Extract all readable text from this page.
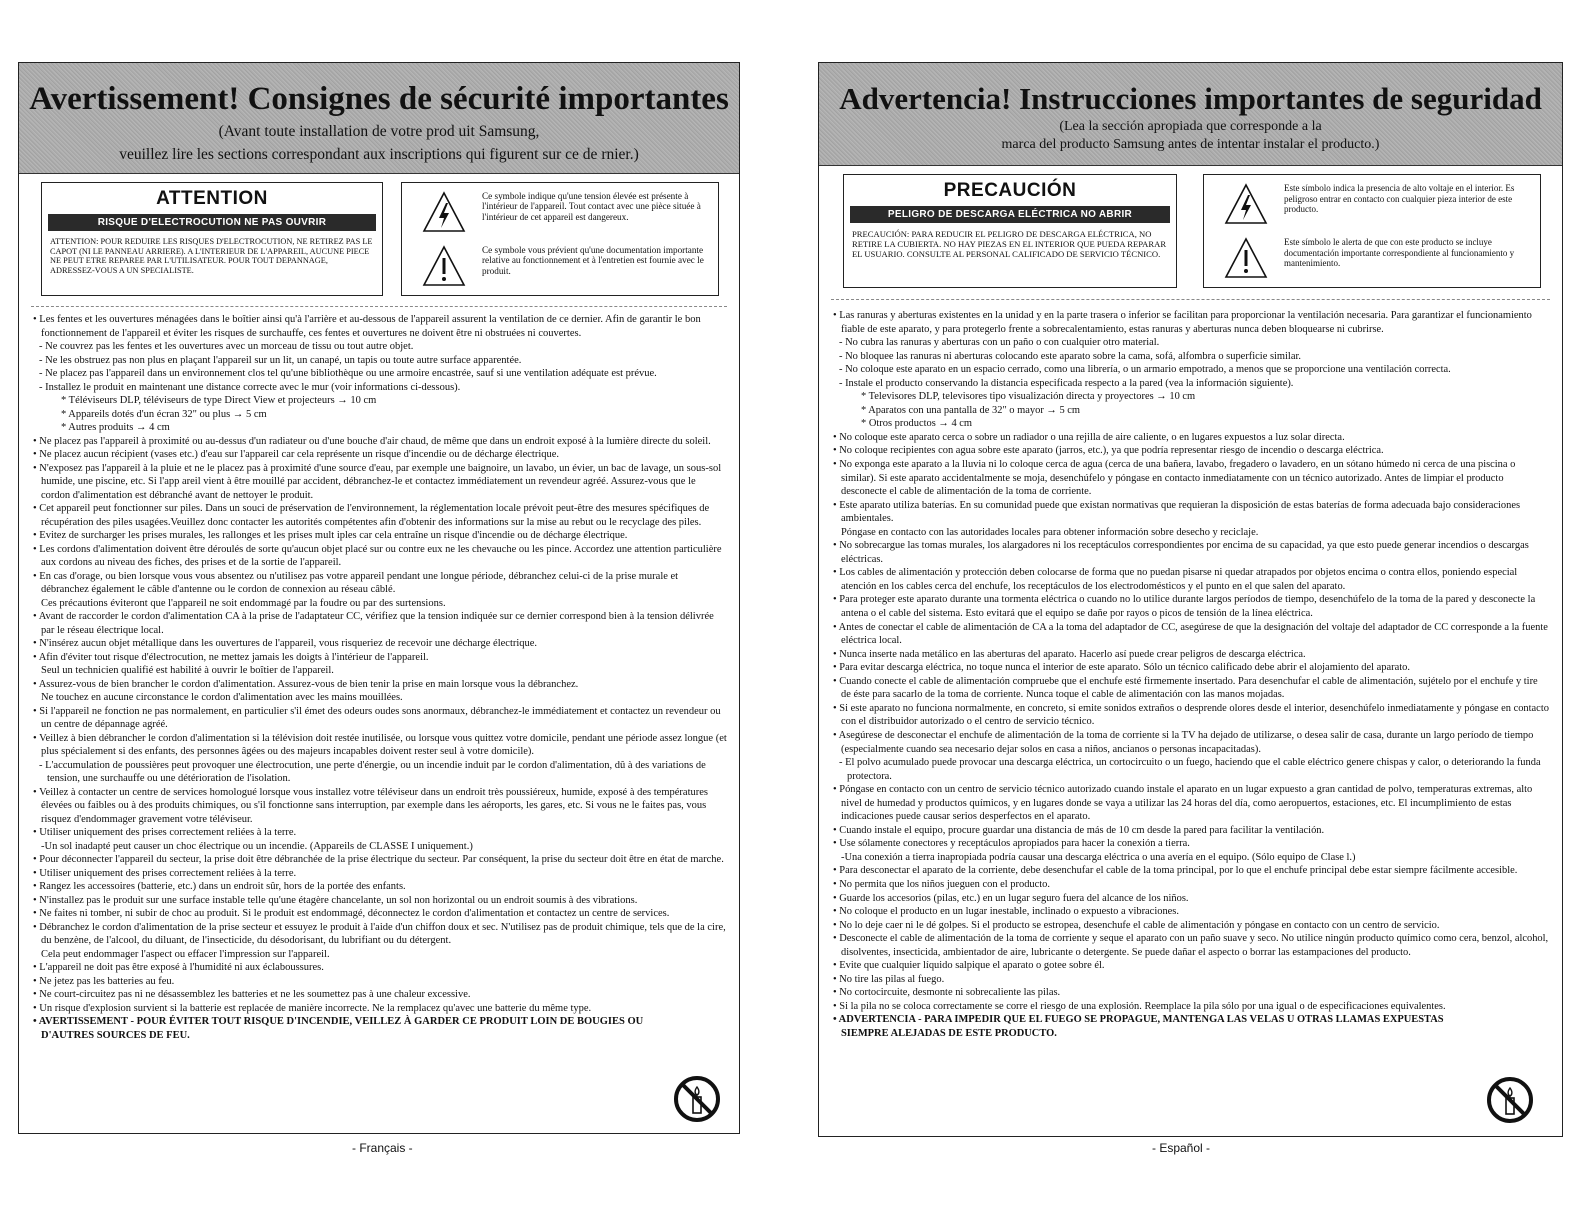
Avertissement! Consignes de sécurité importantes
(Avant toute installation de votre prod uit Samsung,
veuillez lire les sections correspondant aux inscriptions qui figurent sur ce de rnier.)
ATTENTION
RISQUE D'ELECTROCUTION NE PAS OUVRIR
ATTENTION: POUR REDUIRE LES RISQUES D'ELECTROCUTION, NE RETIREZ PAS LE CAPOT (NI LE PANNEAU ARRIERE). A L'INTERIEUR DE L'APPAREIL, AUCUNE PIECE NE PEUT ETRE REPAREE PAR L'UTILISATEUR. POUR TOUT DEPANNAGE, ADRESSEZ-VOUS A UN SPECIALISTE.
Ce symbole indique qu'une tension élevée est présente à l'intérieur de l'appareil. Tout contact avec une pièce située à l'intérieur de cet appareil est dangereux.
Ce symbole vous prévient qu'une documentation importante relative au fonctionnement et à l'entretien est fournie avec le produit.

• Les fentes et les ouvertures ménagées dans le boîtier ainsi qu'à l'arrière et au-dessous de l'appareil assurent la ventilation de ce dernier. Afin de garantir le bon fonctionnement de l'appareil et éviter les risques de surchauffe, ces fentes et ouvertures ne doivent être ni obstruées ni couvertes.

- Ne couvrez pas les fentes et les ouvertures avec un morceau de tissu ou tout autre objet.

- Ne les obstruez pas non plus en plaçant l'appareil sur un lit, un canapé, un tapis ou toute autre surface apparentée.

- Ne placez pas l'appareil dans un environnement clos tel qu'une bibliothèque ou une armoire encastrée, sauf si une ventilation adéquate est prévue.

- Installez le produit en maintenant une distance correcte avec le mur (voir informations ci-dessous).

* Téléviseurs DLP, téléviseurs de type Direct View et projecteurs → 10 cm

* Appareils dotés d'un écran 32" ou plus → 5 cm

* Autres produits → 4 cm

• Ne placez pas l'appareil à proximité ou au-dessus d'un radiateur ou d'une bouche d'air chaud, de même que dans un endroit exposé à la lumière directe du soleil.

• Ne placez aucun récipient (vases etc.) d'eau sur l'appareil car cela représente un risque d'incendie ou de décharge électrique.

• N'exposez pas l'appareil à la pluie et ne le placez pas à proximité d'une source d'eau, par exemple une baignoire, un lavabo, un évier, un bac de lavage, un sous-sol humide, une piscine, etc. Si l'app areil vient à être mouillé par accident, débranchez-le et contactez immédiatement un revendeur agréé. Assurez-vous que le cordon d'alimentation est débranché avant de nettoyer le produit.

• Cet appareil peut fonctionner sur piles. Dans un souci de préservation de l'environnement, la réglementation locale prévoit peut-être des mesures spécifiques de récupération des piles usagées.Veuillez donc contacter les autorités compétentes afin d'obtenir des informations sur la mise au rebut ou le recyclage des piles.

• Evitez de surcharger les prises murales, les rallonges et les prises mult iples car cela entraîne un risque d'incendie ou de décharge électrique.

• Les cordons d'alimentation doivent être déroulés de sorte qu'aucun objet placé sur ou contre eux ne les chevauche ou les pince. Accordez une attention particulière aux cordons au niveau des fiches, des prises et de la sortie de l'appareil.

• En cas d'orage, ou bien lorsque vous vous absentez ou n'utilisez pas votre appareil pendant une longue période, débranchez celui-ci de la prise murale et débranchez également le câble d'antenne ou le cordon de connexion au réseau câblé.

Ces précautions éviteront que l'appareil ne soit endommagé par la foudre ou par des surtensions.

• Avant de raccorder le cordon d'alimentation CA à la prise de l'adaptateur CC, vérifiez que la tension indiquée sur ce dernier correspond bien à la tension délivrée par le réseau électrique local.

• N'insérez aucun objet métallique dans les ouvertures de l'appareil, vous risqueriez de recevoir une décharge électrique.

• Afin d'éviter tout risque d'électrocution, ne mettez jamais les doigts à l'intérieur de l'appareil.

Seul un technicien qualifié est habilité à ouvrir le boîtier de l'appareil.

• Assurez-vous de bien brancher le cordon d'alimentation. Assurez-vous de bien tenir la prise en main lorsque vous la débranchez.

Ne touchez en aucune circonstance le cordon d'alimentation avec les mains mouillées.

• Si l'appareil ne fonction ne pas normalement, en particulier s'il émet des odeurs oudes sons anormaux, débranchez-le immédiatement et contactez un revendeur ou un centre de dépannage agréé.

• Veillez à bien débrancher le cordon d'alimentation si la télévision doit restée inutilisée, ou lorsque vous quittez votre domicile, pendant une période assez longue (et plus spécialement si des enfants, des personnes âgées ou des majeurs incapables doivent rester seul à votre domicile).

- L'accumulation de poussières peut provoquer une électrocution, une perte d'énergie, ou un incendie induit par le cordon d'alimentation, dû à des variations de tension, une surchauffe ou une détérioration de l'isolation.

• Veillez à contacter un centre de services homologué lorsque vous installez votre téléviseur dans un endroit très poussiéreux, humide, exposé à des températures élevées ou faibles ou à des produits chimiques, ou s'il fonctionne sans interruption, par exemple dans les aéroports, les gares, etc. Si vous ne le faites pas, vous risquez d'endommager gravement votre téléviseur.

• Utiliser uniquement des prises correctement reliées à la terre.

-Un sol inadapté peut causer un choc électrique ou un incendie. (Appareils de CLASSE I uniquement.)

• Pour déconnecter l'appareil du secteur, la prise doit être débranchée de la prise électrique du secteur. Par conséquent, la prise du secteur doit être en état de marche.

• Utiliser uniquement des prises correctement reliées à la terre.

• Rangez les accessoires (batterie, etc.) dans un endroit sûr, hors de la portée des enfants.

• N'installez pas le produit sur une surface instable telle qu'une étagère chancelante, un sol non horizontal ou un endroit soumis à des vibrations.

• Ne faites ni tomber, ni subir de choc au produit. Si le produit est endommagé, déconnectez le cordon d'alimentation et contactez un centre de services.

• Débranchez le cordon d'alimentation de la prise secteur et essuyez le produit à l'aide d'un chiffon doux et sec. N'utilisez pas de produit chimique, tels que de la cire, du benzène, de l'alcool, du diluant, de l'insecticide, du désodorisant, du lubrifiant ou du détergent.

Cela peut endommager l'aspect ou effacer l'impression sur l'appareil.

• L'appareil ne doit pas être exposé à l'humidité ni aux éclaboussures.

• Ne jetez pas les batteries au feu.

• Ne court-circuitez pas ni ne désassemblez les batteries et ne les soumettez pas à une chaleur excessive.

• Un risque d'explosion survient si la batterie est replacée de manière incorrecte. Ne la remplacez qu'avec une batterie du même type.

• AVERTISSEMENT - POUR ÉVITER TOUT RISQUE D'INCENDIE, VEILLEZ À GARDER CE PRODUIT LOIN DE BOUGIES OU D'AUTRES SOURCES DE FEU.

- Français -
Advertencia! Instrucciones importantes de seguridad
(Lea la sección apropiada que corresponde a la
marca del producto Samsung antes de intentar instalar el producto.)
PRECAUCIÓN
PELIGRO DE DESCARGA ELÉCTRICA NO ABRIR
PRECAUCIÓN: PARA REDUCIR EL PELIGRO DE DESCARGA ELÉCTRICA, NO RETIRE LA CUBIERTA. NO HAY PIEZAS EN EL INTERIOR QUE PUEDA REPARAR EL USUARIO. CONSULTE AL PERSONAL CALIFICADO DE SERVICIO TÉCNICO.
Este símbolo indica la presencia de alto voltaje en el interior. Es peligroso entrar en contacto con cualquier pieza interior de este producto.
Este símbolo le alerta de que con este producto se incluye documentación importante correspondiente al funcionamiento y mantenimiento.

• Las ranuras y aberturas existentes en la unidad y en la parte trasera o inferior se facilitan para proporcionar la ventilación necesaria. Para garantizar el funcionamiento fiable de este aparato, y para protegerlo frente a sobrecalentamiento, estas ranuras y aberturas nunca deben bloquearse ni cubrirse.

- No cubra las ranuras y aberturas con un paño o con cualquier otro material.

- No bloquee las ranuras ni aberturas colocando este aparato sobre la cama, sofá, alfombra o superficie similar.

- No coloque este aparato en un espacio cerrado, como una librería, o un armario empotrado, a menos que se proporcione una ventilación correcta.

- Instale el producto conservando la distancia especificada respecto a la pared (vea la información siguiente).

* Televisores DLP, televisores tipo visualización directa y proyectores → 10 cm

* Aparatos con una pantalla de 32" o mayor → 5 cm

* Otros productos → 4 cm

• No coloque este aparato cerca o sobre un radiador o una rejilla de aire caliente, o en lugares expuestos a luz solar directa.

• No coloque recipientes con agua sobre este aparato (jarros, etc.), ya que podría representar riesgo de incendio o descarga eléctrica.

• No exponga este aparato a la lluvia ni lo coloque cerca de agua (cerca de una bañera, lavabo, fregadero o lavadero, en un sótano húmedo ni cerca de una piscina o similar). Si este aparato accidentalmente se moja, desenchúfelo y póngase en contacto inmediatamente con un técnico autorizado. Antes de limpiar el producto desconecte el cable de alimentación de la toma de corriente.

• Este aparato utiliza baterías. En su comunidad puede que existan normativas que requieran la disposición de estas baterías de forma adecuada bajo consideraciones ambientales.

Póngase en contacto con las autoridades locales para obtener información sobre desecho y reciclaje.

• No sobrecargue las tomas murales, los alargadores ni los receptáculos correspondientes por encima de su capacidad, ya que esto puede generar incendios o descargas eléctricas.

• Los cables de alimentación y protección deben colocarse de forma que no puedan pisarse ni quedar atrapados por objetos encima o contra ellos, poniendo especial atención en los cables cerca del enchufe, los receptáculos de los electrodomésticos y el punto en el que salen del aparato.

• Para proteger este aparato durante una tormenta eléctrica o cuando no lo utilice durante largos períodos de tiempo, desenchúfelo de la toma de la pared y desconecte la antena o el cable del sistema. Esto evitará que el equipo se dañe por rayos o picos de tensión de la línea eléctrica.

• Antes de conectar el cable de alimentación de CA a la toma del adaptador de CC, asegúrese de que la designación del voltaje del adaptador de CC corresponde a la fuente eléctrica local.

• Nunca inserte nada metálico en las aberturas del aparato. Hacerlo así puede crear peligros de descarga eléctrica.

• Para evitar descarga eléctrica, no toque nunca el interior de este aparato. Sólo un técnico calificado debe abrir el alojamiento del aparato.

• Cuando conecte el cable de alimentación compruebe que el enchufe esté firmemente insertado. Para desenchufar el cable de alimentación, sujételo por el enchufe y tire de éste para sacarlo de la toma de corriente. Nunca toque el cable de alimentación con las manos mojadas.

• Si este aparato no funciona normalmente, en concreto, si emite sonidos extraños o desprende olores desde el interior, desenchúfelo inmediatamente y póngase en contacto con el distribuidor autorizado o el centro de servicio técnico.

• Asegúrese de desconectar el enchufe de alimentación de la toma de corriente si la TV ha dejado de utilizarse, o desea salir de casa, durante un largo período de tiempo (especialmente cuando sea necesario dejar solos en casa a niños, ancianos o personas incapacitadas).

- El polvo acumulado puede provocar una descarga eléctrica, un cortocircuito o un fuego, haciendo que el cable eléctrico genere chispas y calor, o deteriorando la funda protectora.

• Póngase en contacto con un centro de servicio técnico autorizado cuando instale el aparato en un lugar expuesto a gran cantidad de polvo, temperaturas extremas, alto nivel de humedad y productos químicos, y en lugares donde se vaya a utilizar las 24 horas del día, como aeropuertos, estaciones, etc. El incumplimiento de estas indicaciones puede causar serios desperfectos en el aparato.

• Cuando instale el equipo, procure guardar una distancia de más de 10 cm desde la pared para facilitar la ventilación.

• Use sólamente conectores y receptáculos apropiados para hacer la conexión a tierra.

-Una conexión a tierra inapropiada podría causar una descarga eléctrica o una avería en el equipo. (Sólo equipo de Clase l.)

• Para desconectar el aparato de la corriente, debe desenchufar el cable de la toma principal, por lo que el enchufe principal debe estar siempre fácilmente accesible.

• No permita que los niños jueguen con el producto.

• Guarde los accesorios (pilas, etc.) en un lugar seguro fuera del alcance de los niños.

• No coloque el producto en un lugar inestable, inclinado o expuesto a vibraciones.

• No lo deje caer ni le dé golpes. Si el producto se estropea, desenchufe el cable de alimentación y póngase en contacto con un centro de servicio.

• Desconecte el cable de alimentación de la toma de corriente y seque el aparato con un paño suave y seco. No utilice ningún producto químico como cera, benzol, alcohol, disolventes, insecticida, ambientador de aire, lubricante o detergente. Se puede dañar el aspecto o borrar las estampaciones del producto.

• Evite que cualquier líquido salpique el aparato o gotee sobre él.

• No tire las pilas al fuego.

• No cortocircuite, desmonte ni sobrecaliente las pilas.

• Si la pila no se coloca correctamente se corre el riesgo de una explosión. Reemplace la pila sólo por una igual o de especificaciones equivalentes.

• ADVERTENCIA - PARA IMPEDIR QUE EL FUEGO SE PROPAGUE, MANTENGA LAS VELAS U OTRAS LLAMAS EXPUESTAS SIEMPRE ALEJADAS DE ESTE PRODUCTO.

- Español -
